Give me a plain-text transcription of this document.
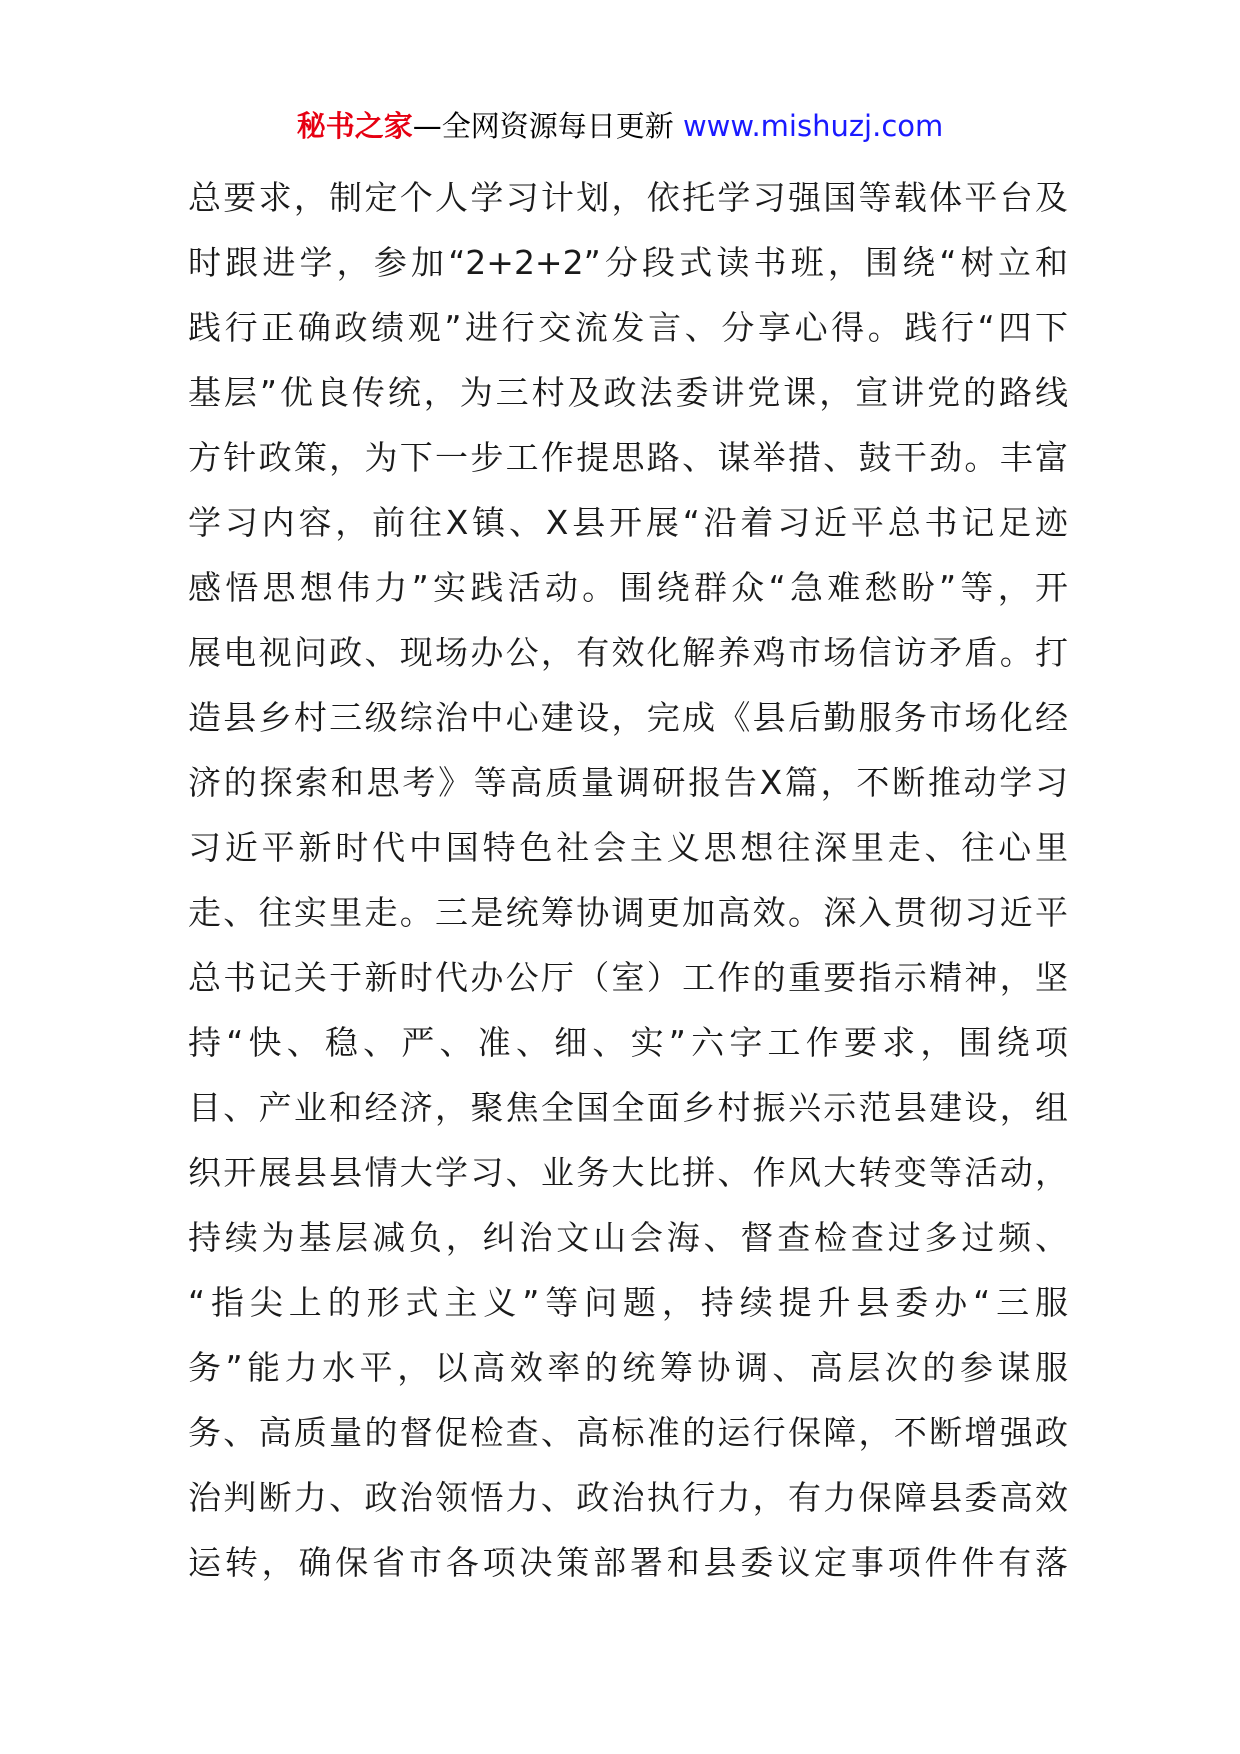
秘书之家—全网资源每日更新 www.mishuzj.com
总要求，制定个人学习计划，依托学习强国等载体平台及
时跟进学，参加“2+2+2”分段式读书班，围绕“树立和
践行正确政绩观”进行交流发言、分享心得。践行“四下
基层”优良传统，为三村及政法委讲党课，宣讲党的路线
方针政策，为下一步工作提思路、谋举措、鼓干劲。丰富
学习内容，前往X镇、X县开展“沿着习近平总书记足迹
感悟思想伟力”实践活动。围绕群众“急难愁盼”等，开
展电视问政、现场办公，有效化解养鸡市场信访矛盾。打
造县乡村三级综治中心建设，完成《县后勤服务市场化经
济的探索和思考》等高质量调研报告X篇，不断推动学习
习近平新时代中国特色社会主义思想往深里走、往心里
走、往实里走。三是统筹协调更加高效。深入贯彻习近平
总书记关于新时代办公厅（室）工作的重要指示精神，坚
持“快、稳、严、准、细、实”六字工作要求，围绕项
目、产业和经济，聚焦全国全面乡村振兴示范县建设，组
织开展县县情大学习、业务大比拼、作风大转变等活动，
持续为基层减负，纠治文山会海、督查检查过多过频、
“指尖上的形式主义”等问题，持续提升县委办“三服
务”能力水平，以高效率的统筹协调、高层次的参谋服
务、高质量的督促检查、高标准的运行保障，不断增强政
治判断力、政治领悟力、政治执行力，有力保障县委高效
运转，确保省市各项决策部署和县委议定事项件件有落
